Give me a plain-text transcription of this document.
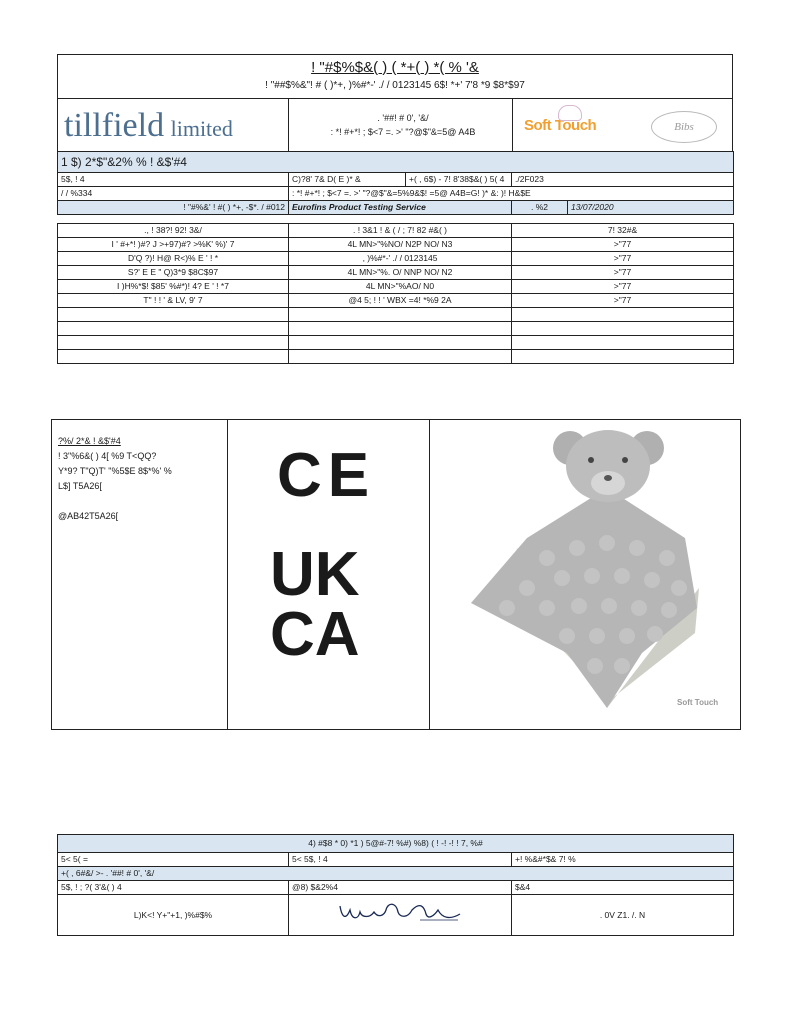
! "#$%$&( ) ( *+( ) *( % '&
! "##$%&"! # ( )*+, )%#*-' ./ / 0123145 6$! *+' 7'8 *9 $8*$97
tillfield limited	. '##! # 0', '&/
: *! #+*! ; $<7 =. >' "?@$"&=5@ A4B	Soft Touch	Bibs
1 $) 2*$"&2% % ! &$'#4				
5$, ! 4	C)?8' 7& D( E )* &	+( , 6$) - 7! 8'38$&( ) 5( 4	./2F023	
/ / %334	: *! #+*! ; $<7 =. >' "?@$"&=5%9&$! =5@ A4B=G! )* &: )! H&$E			
! "#%&' ! #( ) *+, -$*. / #012	Eurofins Product Testing Service		. %2	13/07/2020
., ! 38?! 92! 3&/	. ! 3&1 ! & ( / ; 7! 82 #&( )	7! 32#&
I ' #+*! )#? J >+97)#? >%K' %)' 7	4L MN>"%NO/ N2P NO/ N3	>"77
D'Q ?)! H@ R<)% E ' ! *	, )%#*-' ./ / 0123145	>"77
S?' E E " Q)3*9 $8C$97	4L MN>"%. O/ NNP NO/ N2	>"77
I )H%*$! $85' %#*)! 4? E ' ! *7	4L MN>"%AO/ N0	>"77
T" ! ! ' & LV, 9' 7	@4 5; ! ! ' WBX =4! *%9 2A	>"77

?%/ 2*& ! &$'#4
! 3"%6&( ) 4[ %9 T<QQ?
Y*9? T"Q)T' "%5$E 8$*%' %
L$] T5A26[
@AB42T5A26[
CE
UK
CA
Soft Touch
4) #$8 * 0) *1 ) 5@#-7! %#) %8) ( ! -! -! ! 7, %#		
5< 5( =	5< 5$, ! 4	+! %&#*$& 7! %
+( , 6#&/ >- . '##! # 0', '&/		
5$, ! ; ?( 3'&( ) 4	@8) $&2%4	$&4
L)K<! Y+"+1, )%#$%		. 0V Z1. /. N
